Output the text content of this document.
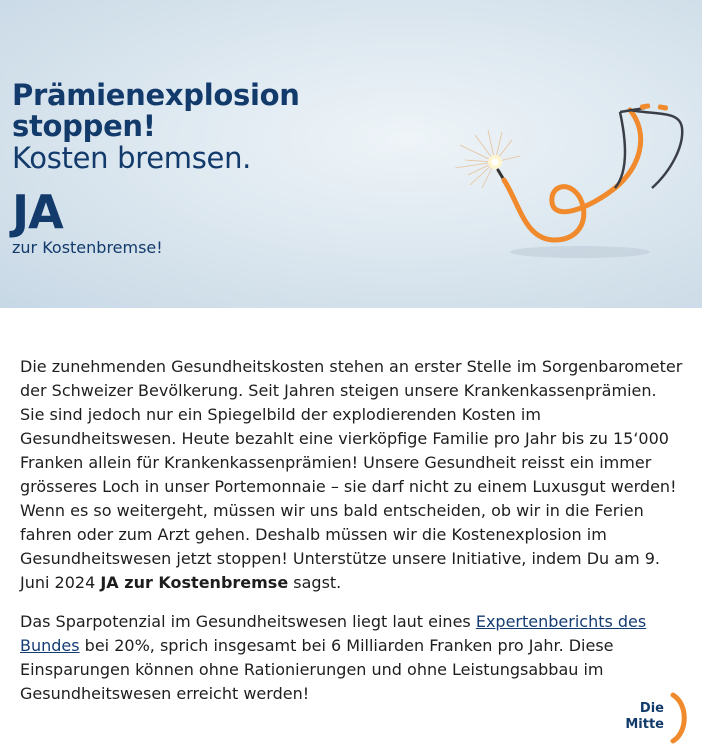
Prämienexplosion
stoppen!
Kosten bremsen.
JA
zur Kostenbremse!

Die zunehmenden Gesundheitskosten stehen an erster Stelle im Sorgenbarometer der Schweizer Bevölkerung. Seit Jahren steigen unsere Krankenkassenprämien. Sie sind jedoch nur ein Spiegelbild der explodierenden Kosten im Gesundheitswesen. Heute bezahlt eine vierköpfige Familie pro Jahr bis zu 15‘000 Franken allein für Krankenkassenprämien! Unsere Gesundheit reisst ein immer grösseres Loch in unser Portemonnaie – sie darf nicht zu einem Luxusgut werden! Wenn es so weitergeht, müssen wir uns bald entscheiden, ob wir in die Ferien fahren oder zum Arzt gehen. Deshalb müssen wir die Kostenexplosion im Gesundheitswesen jetzt stoppen! Unterstütze unsere Initiative, indem Du am 9. Juni 2024 JA zur Kostenbremse sagst.

Das Sparpotenzial im Gesundheitswesen liegt laut eines Expertenberichts des Bundes bei 20%, sprich insgesamt bei 6 Milliarden Franken pro Jahr. Diese Einsparungen können ohne Rationierungen und ohne Leistungsabbau im Gesundheitswesen erreicht werden!

Die
Mitte
